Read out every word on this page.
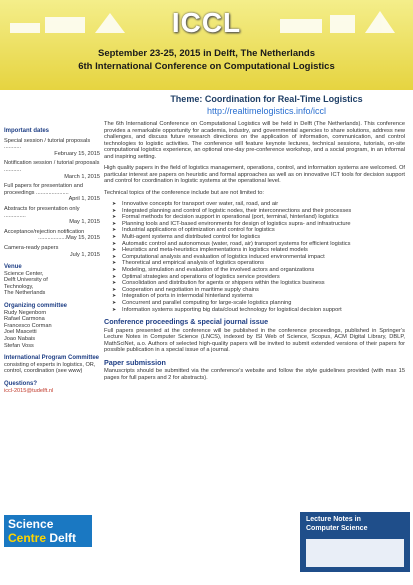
ICCL
September 23-25, 2015 in Delft, The Netherlands
6th International Conference on Computational Logistics
Theme: Coordination for Real-Time Logistics
http://realtimelogistics.info/iccl
Important dates
Special session / tutorial proposals ...........
February 15, 2015
Notification session / tutorial proposals ...........
March 1, 2015
Full papers for presentation and proceedings .....................
April 1, 2015
Abstracts for presentation only ..............
May 1, 2015
Acceptance/rejection notification
..................May 15, 2015
Camera-ready papers
July 1, 2015
Venue
Science Center,
Delft University of
Technology,
The Netherlands
Organizing committee
Rudy Negenborn
Rafael Carmona
Francesco Corman
Joel Mascetti
Joao Nabais
Stefan Voss
International Program Committee
consisting of experts in logistics, OR, control, coordination (see www)
Questions?
iccl-2015@tudelft.nl

The 6th International Conference on Computational Logistics will be held in Delft (The Netherlands). This conference provides a remarkable opportunity for academia, industry, and governmental agencies to share solutions, address new challenges, and discuss future research directions on the application of information, communication, and control technologies to logistic activities. The conference will feature keynote lectures, technical sessions, tutorials, on-site computational logistics experience, an optional one-day pre-conference workshop, and a social program, in an informal and inspiring setting.

High quality papers in the field of logistics management, operations, control, and information systems are welcomed. Of particular interest are papers on heuristic and formal approaches as well as on innovative ICT tools for decision support and control for coordination in logistic systems at the operational level.

Technical topics of the conference include but are not limited to:

➤ Innovative concepts for transport over water, rail, road, and air
➤ Integrated planning and control of logistic nodes, their interconnections and their processes
➤ Formal methods for decision support in operational (port, terminal, hinterland) logistics
➤ Planning tools and ICT-based environments for design of logistics supra- and infrastructure
➤ Industrial applications of optimization and control for logistics
➤ Multi-agent systems and distributed control for logistics
➤ Automatic control and autonomous (water, road, air) transport systems for efficient logistics
➤ Heuristics and meta-heuristics implementations in logistics related models
➤ Computational analysis and evaluation of logistics induced environmental impact
➤ Theoretical and empirical analysis of logistics operations
➤ Modeling, simulation and evaluation of the involved actors and organizations
➤ Optimal strategies and operations of logistics service providers
➤ Consolidation and distribution for agents or shippers within the logistics business
➤ Cooperation and negotiation in maritime supply chains
➤ Integration of ports in intermodal hinterland systems
➤ Concurrent and parallel computing for large-scale logistics planning
➤ Information systems supporting big data/cloud technology for logistical decision support
Conference proceedings & special journal issue

Full papers presented at the conference will be published in the conference proceedings, published in Springer’s Lecture Notes in Computer Science (LNCS), indexed by ISI Web of Science, Scopus, ACM Digital Library, DBLP, MathSciNet, a.o. Authors of selected high-quality papers will be invited to submit extended versions of their papers for possible publication in a special issue of a journal.

Paper submission

Manuscripts should be submitted via the conference’s website and follow the style guidelines provided (with max 15 pages for full papers and 2 for abstracts).

Science
Centre Delft
Lecture Notes in
Computer Science
